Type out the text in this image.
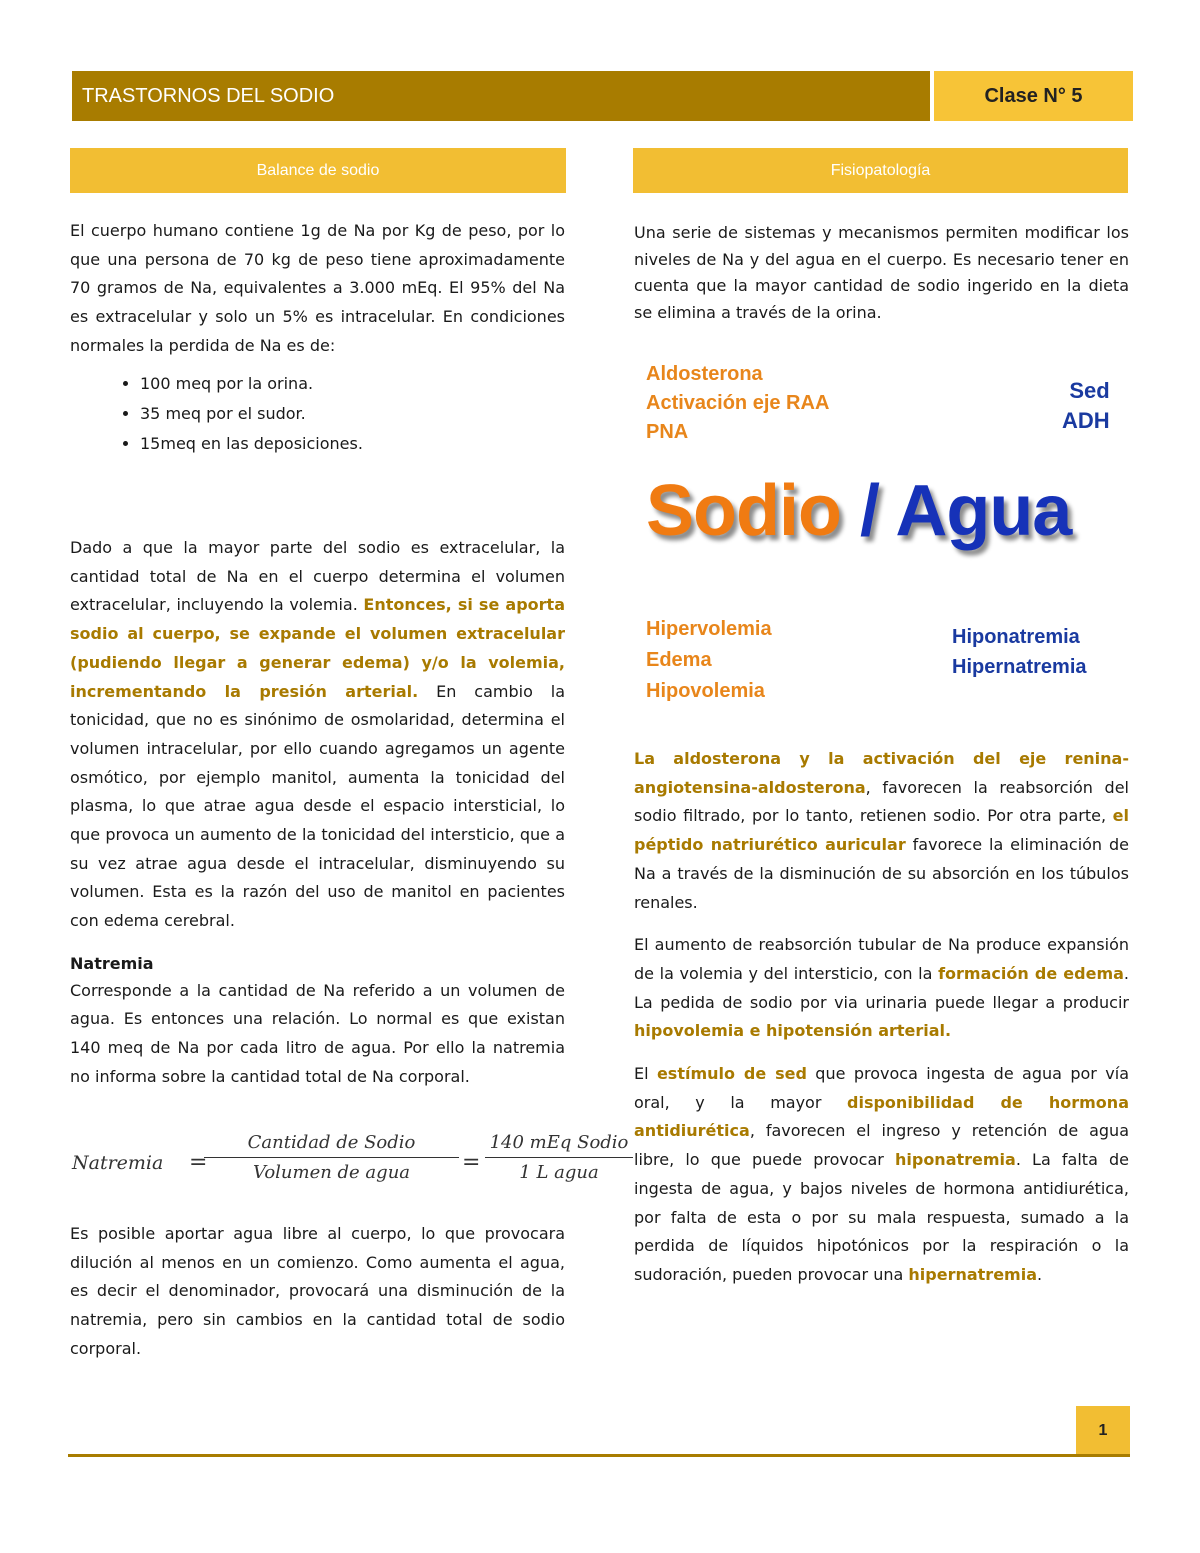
TRASTORNOS DEL SODIO	Clase N° 5
Balance de sodio	Fisiopatología

El cuerpo humano contiene 1g de Na por Kg de peso, por lo que una persona de 70 kg de peso tiene aproximadamente 70 gramos de Na, equivalentes a 3.000 mEq. El 95% del Na es extracelular y solo un 5% es intracelular. En condiciones normales la perdida de Na es de:

• 100 meq por la orina.
• 35 meq por el sudor.
• 15meq en las deposiciones.

Dado a que la mayor parte del sodio es extracelular, la cantidad total de Na en el cuerpo determina el volumen extracelular, incluyendo la volemia. Entonces, si se aporta sodio al cuerpo, se expande el volumen extracelular (pudiendo llegar a generar edema) y/o la volemia, incrementando la presión arterial. En cambio la tonicidad, que no es sinónimo de osmolaridad, determina el volumen intracelular, por ello cuando agregamos un agente osmótico, por ejemplo manitol, aumenta la tonicidad del plasma, lo que atrae agua desde el espacio intersticial, lo que provoca un aumento de la tonicidad del intersticio, que a su vez atrae agua desde el intracelular, disminuyendo su volumen. Esta es la razón del uso de manitol en pacientes con edema cerebral.

Natremia

Corresponde a la cantidad de Na referido a un volumen de agua. Es entonces una relación. Lo normal es que existan 140 meq de Na por cada litro de agua. Por ello la natremia no informa sobre la cantidad total de Na corporal.

Natremia =
Cantidad de Sodio
Volumen de agua	=
140 mEq Sodio
1 L agua

Es posible aportar agua libre al cuerpo, lo que provocara dilución al menos en un comienzo. Como aumenta el agua, es decir el denominador, provocará una disminución de la natremia, pero sin cambios en la cantidad total de sodio corporal.

Una serie de sistemas y mecanismos permiten modificar los niveles de Na y del agua en el cuerpo. Es necesario tener en cuenta que la mayor cantidad de sodio ingerido en la dieta se elimina a través de la orina.

Aldosterona
Activación eje RAA
PNA
Sed
ADH
Sodio / Agua
Hipervolemia
Edema
Hipovolemia
Hiponatremia
Hipernatremia

La aldosterona y la activación del eje renina-angiotensina-aldosterona, favorecen la reabsorción del sodio filtrado, por lo tanto, retienen sodio. Por otra parte, el péptido natriurético auricular favorece la eliminación de Na a través de la disminución de su absorción en los túbulos renales.

El aumento de reabsorción tubular de Na produce expansión de la volemia y del intersticio, con la formación de edema. La pedida de sodio por via urinaria puede llegar a producir hipovolemia e hipotensión arterial.

El estímulo de sed que provoca ingesta de agua por vía oral, y la mayor disponibilidad de hormona antidiurética, favorecen el ingreso y retención de agua libre, lo que puede provocar hiponatremia. La falta de ingesta de agua, y bajos niveles de hormona antidiurética, por falta de esta o por su mala respuesta, sumado a la perdida de líquidos hipotónicos por la respiración o la sudoración, pueden provocar una hipernatremia.

1
